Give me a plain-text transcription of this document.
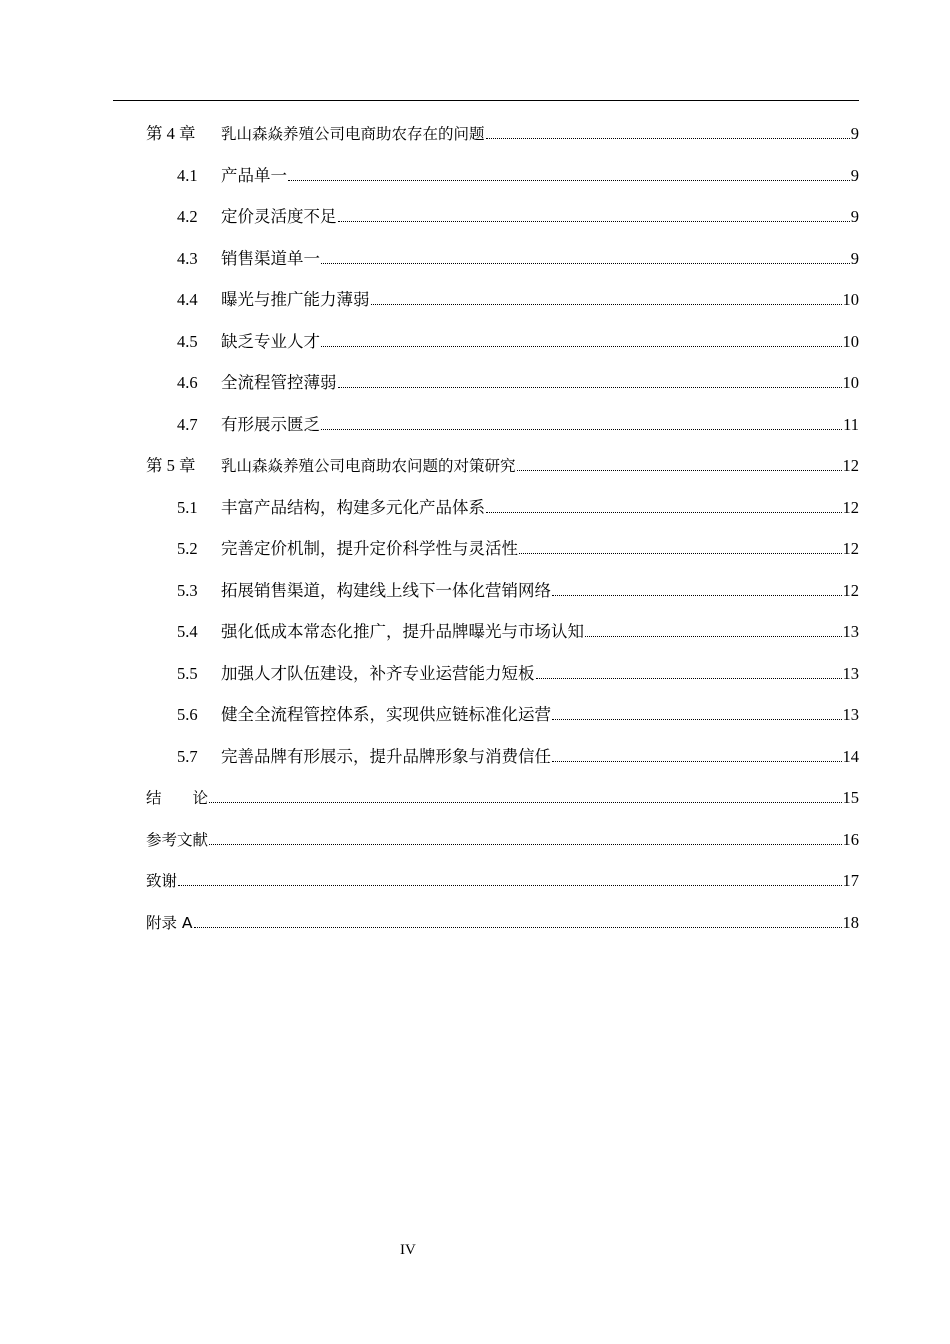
第 4 章	乳山森焱养殖公司电商助农存在的问题	9
4.1	产品单一	9
4.2	定价灵活度不足	9
4.3	销售渠道单一	9
4.4	曝光与推广能力薄弱	10
4.5	缺乏专业人才	10
4.6	全流程管控薄弱	10
4.7	有形展示匮乏	11
第 5 章	乳山森焱养殖公司电商助农问题的对策研究	12
5.1	丰富产品结构，构建多元化产品体系	12
5.2	完善定价机制，提升定价科学性与灵活性	12
5.3	拓展销售渠道，构建线上线下一体化营销网络	12
5.4	强化低成本常态化推广，提升品牌曝光与市场认知	13
5.5	加强人才队伍建设，补齐专业运营能力短板	13
5.6	健全全流程管控体系，实现供应链标准化运营	13
5.7	完善品牌有形展示，提升品牌形象与消费信任	14
结　　论	15
参考文献	16
致谢	17
附录 A	18
IV
